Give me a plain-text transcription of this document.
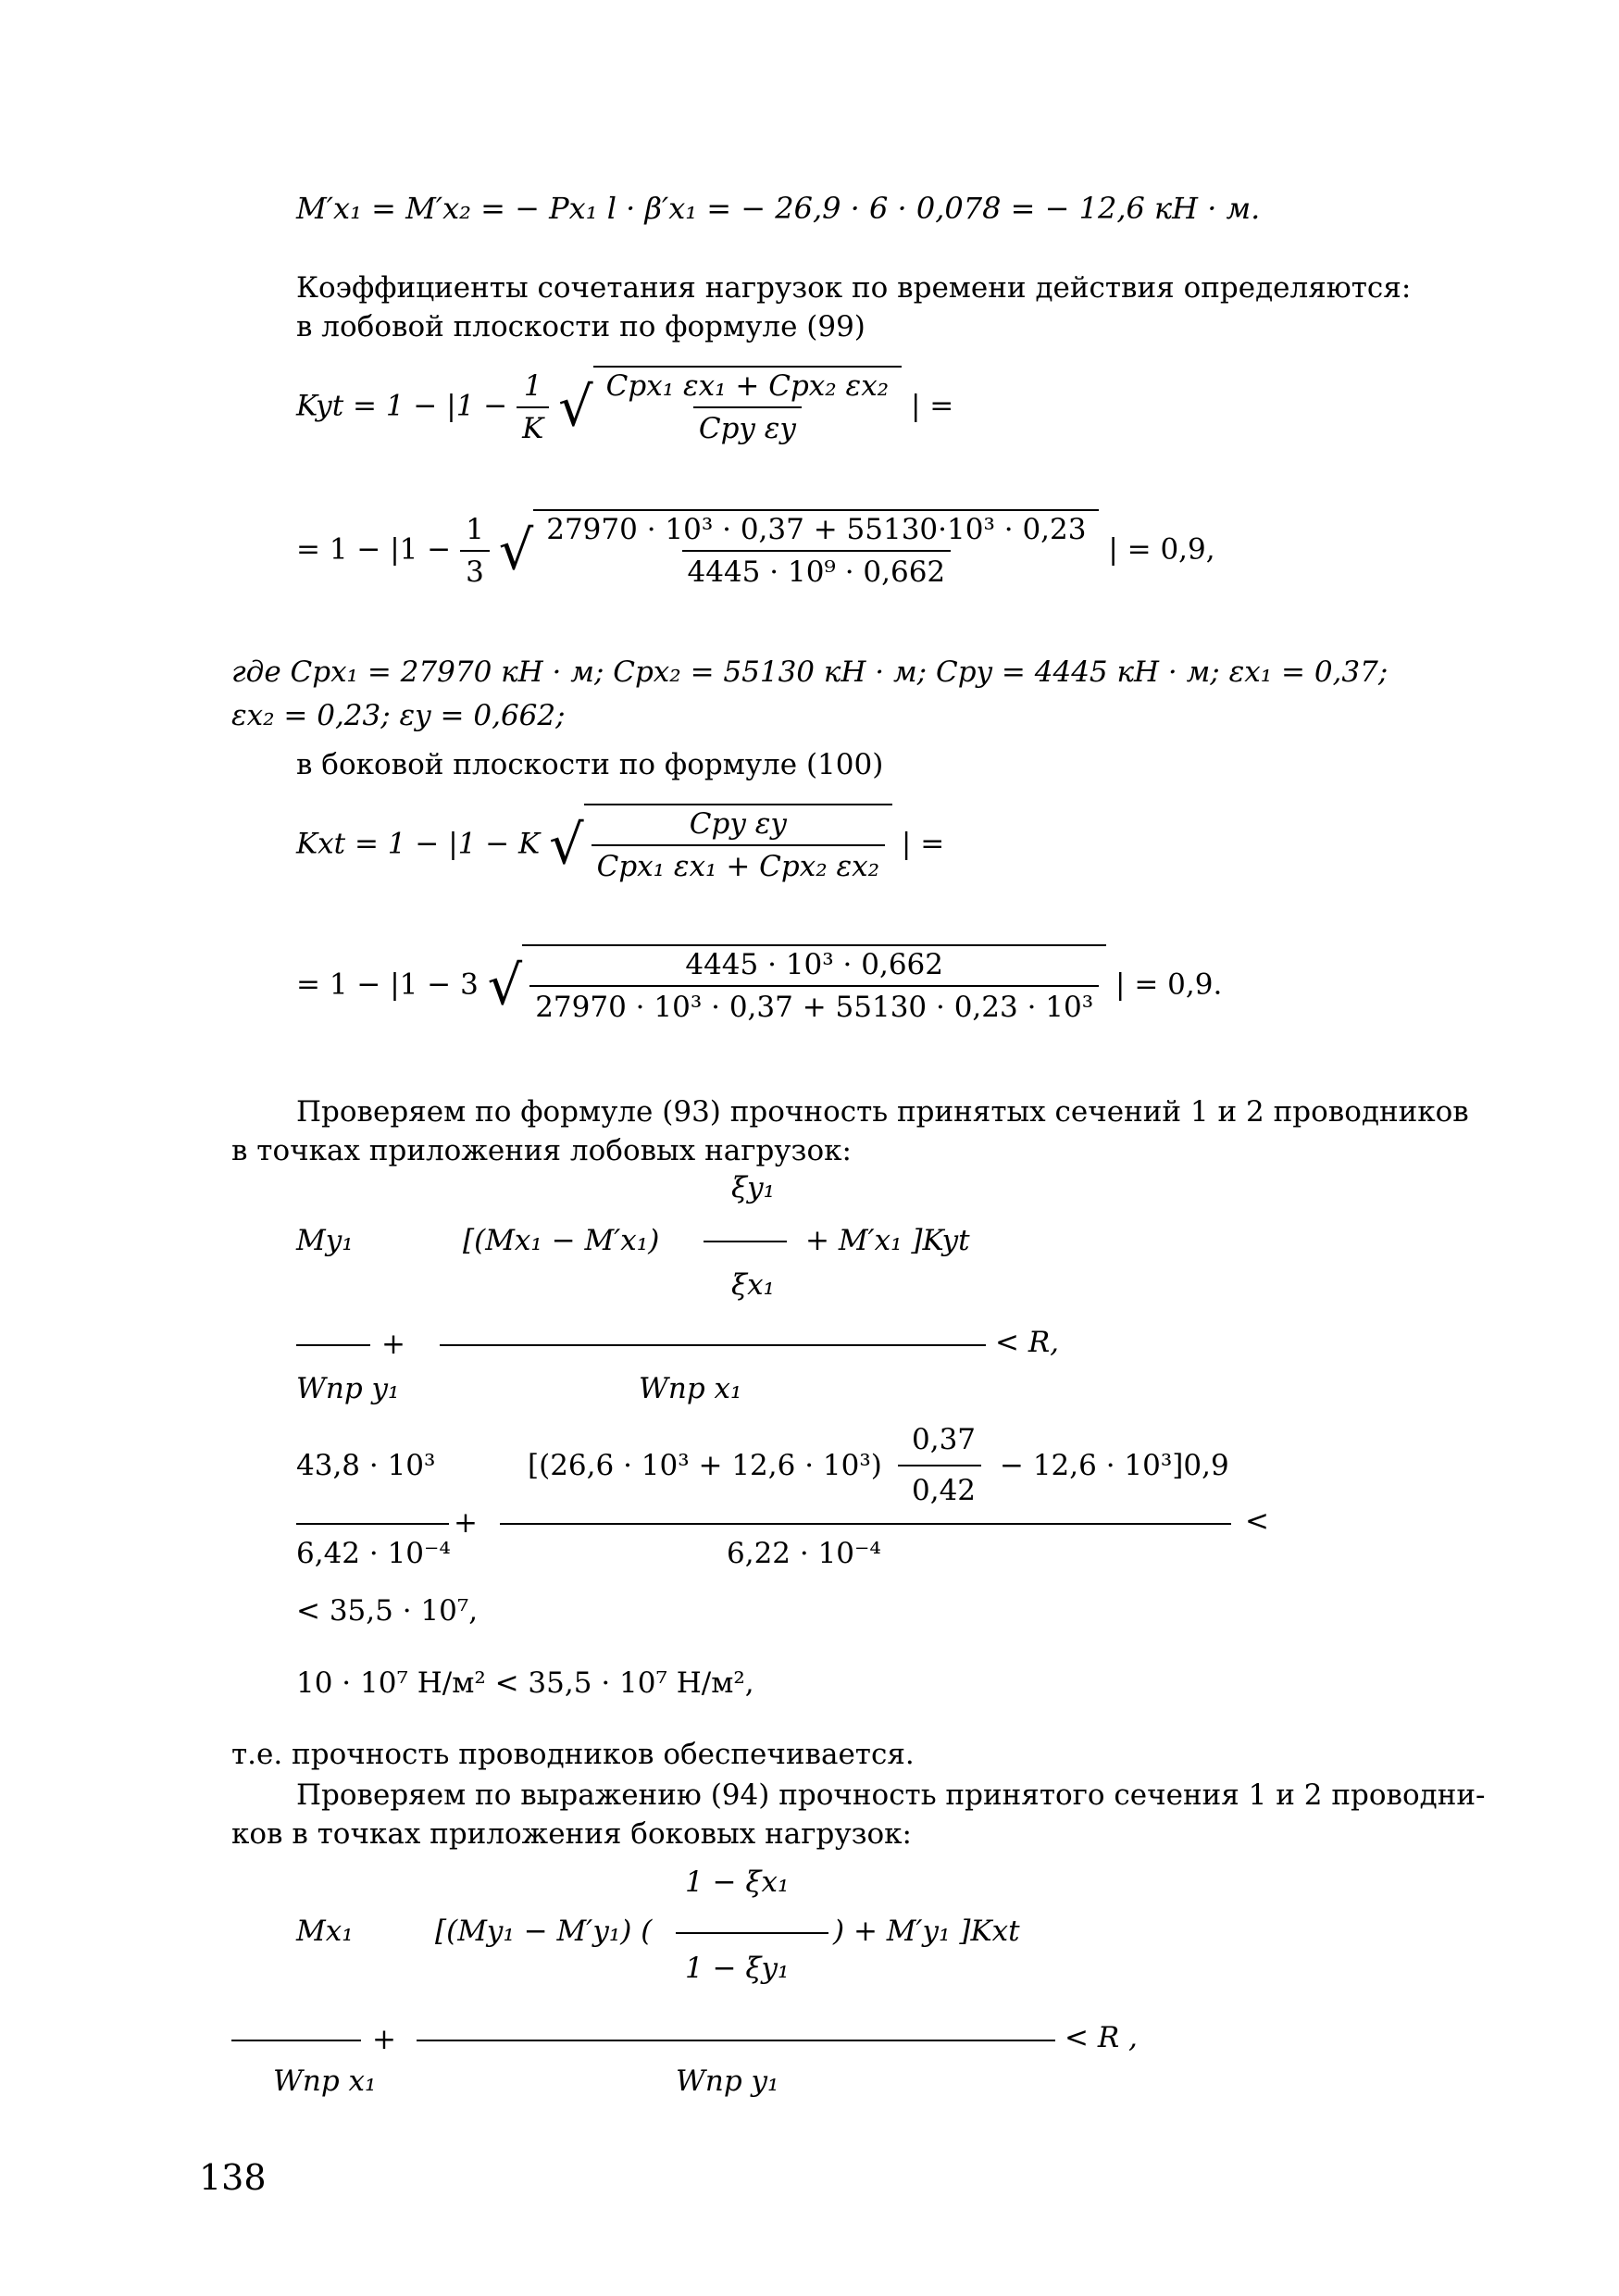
M′x₁ = M′x₂ = − Px₁ l · β′x₁ = − 26,9 · 6 · 0,078 = − 12,6 кН · м.
Коэффициенты сочетания нагрузок по времени действия определяются:
в лобовой плоскости по формуле (99)
Kyt = $1 - |1 - \frac{1}{K}$ √ $\frac{\text{Cpx₁ εx₁ + Cpx₂ εx₂}}{\text{Cpy εy}}$ | =
= $1 - |1 - \frac{1}{3}$ √ $\frac{\text{27970 · 10³ · 0,37 + 55130·10³ · 0,23}}{\text{4445 · 10⁹ · 0,662}}$ | = 0,9,
где Cpx₁ = 27970 кН · м; Cpx₂ = 55130 кН · м; Cpy = 4445 кН · м; εx₁ = 0,37;
εx₂ = 0,23; εy = 0,662;
в боковой плоскости по формуле (100)
Kxt = 1 − |1 − K √ $\frac{\text{Cpy εy}}{\text{Cpx₁ εx₁ + Cpx₂ εx₂}}$ | =
= 1 − |1 − 3 √ $\frac{\text{4445 · 10³ · 0,662}}{\text{27970 · 10³ · 0,37 + 55130 · 0,23 · 10³}}$ | = 0,9.
Проверяем по формуле (93) прочность принятых сечений 1 и 2 проводников
в точках приложения лобовых нагрузок:
ξy₁
My₁	[(Mx₁ − M′x₁)	+ M′x₁ ]Kyt
ξx₁
+	< R,
Wпр y₁	Wпр x₁
0,37
43,8 · 10³	[(26,6 · 10³ + 12,6 · 10³)	− 12,6 · 10³]0,9
0,42
+	<
6,42 · 10⁻⁴	6,22 · 10⁻⁴
< 35,5 · 10⁷,
10 · 10⁷ Н/м² < 35,5 · 10⁷ Н/м²,
т.е. прочность проводников обеспечивается.
Проверяем по выражению (94) прочность принятого сечения 1 и 2 проводни-
ков в точках приложения боковых нагрузок:
1 − ξx₁
Mx₁	[(My₁ − M′y₁) (	) + M′y₁ ]Kxt
1 − ξy₁
+	< R ,
Wпр x₁	Wпр y₁
138
